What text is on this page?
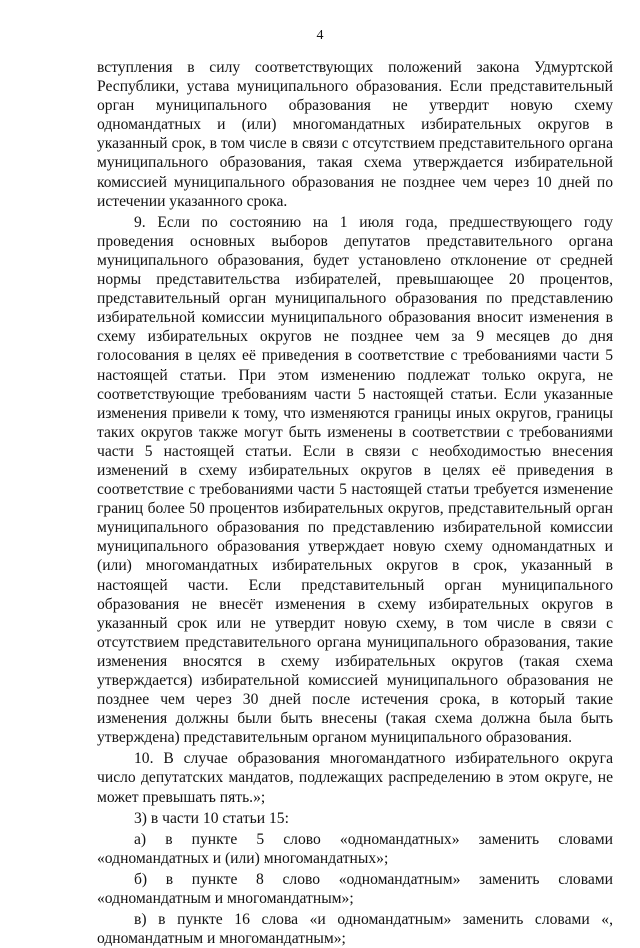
4

вступления в силу соответствующих положений закона Удмуртской Республики, устава муниципального образования. Если представительный орган муниципального образования не утвердит новую схему одномандатных и (или) многомандатных избирательных округов в указанный срок, в том числе в связи с отсутствием представительного органа муниципального образования, такая схема утверждается избирательной комиссией муниципального образования не позднее чем через 10 дней по истечении указанного срока.

9. Если по состоянию на 1 июля года, предшествующего году проведения основных выборов депутатов представительного органа муниципального образования, будет установлено отклонение от средней нормы представительства избирателей, превышающее 20 процентов, представительный орган муниципального образования по представлению избирательной комиссии муниципального образования вносит изменения в схему избирательных округов не позднее чем за 9 месяцев до дня голосования в целях её приведения в соответствие с требованиями части 5 настоящей статьи. При этом изменению подлежат только округа, не соответствующие требованиям части 5 настоящей статьи. Если указанные изменения привели к тому, что изменяются границы иных округов, границы таких округов также могут быть изменены в соответствии с требованиями части 5 настоящей статьи. Если в связи с необходимостью внесения изменений в схему избирательных округов в целях её приведения в соответствие с требованиями части 5 настоящей статьи требуется изменение границ более 50 процентов избирательных округов, представительный орган муниципального образования по представлению избирательной комиссии муниципального образования утверждает новую схему одномандатных и (или) многомандатных избирательных округов в срок, указанный в настоящей части. Если представительный орган муниципального образования не внесёт изменения в схему избирательных округов в указанный срок или не утвердит новую схему, в том числе в связи с отсутствием представительного органа муниципального образования, такие изменения вносятся в схему избирательных округов (такая схема утверждается) избирательной комиссией муниципального образования не позднее чем через 30 дней после истечения срока, в который такие изменения должны были быть внесены (такая схема должна была быть утверждена) представительным органом муниципального образования.

10. В случае образования многомандатного избирательного округа число депутатских мандатов, подлежащих распределению в этом округе, не может превышать пять.»;

3) в части 10 статьи 15:

а) в пункте 5 слово «одномандатных» заменить словами «одномандатных и (или) многомандатных»;

б) в пункте 8 слово «одномандатным» заменить словами «одномандатным и многомандатным»;

в) в пункте 16 слова «и одномандатным» заменить словами «, одномандатным и многомандатным»;
